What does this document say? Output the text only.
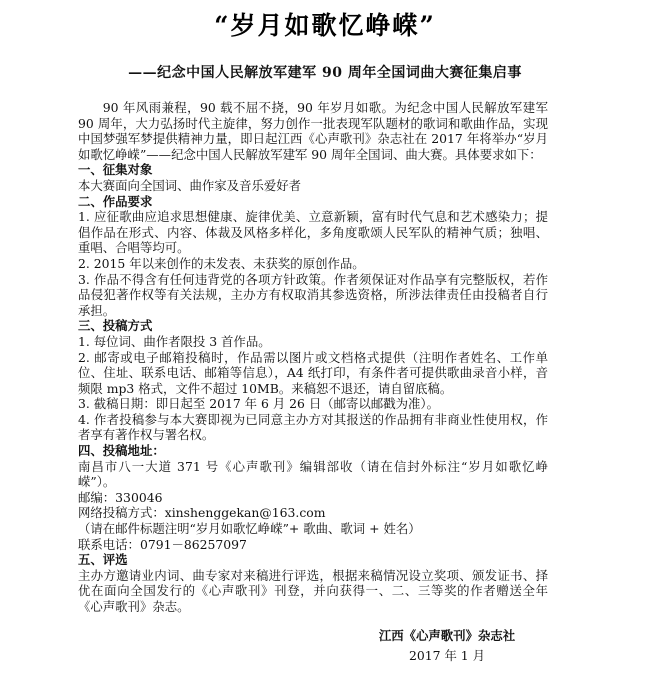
“岁月如歌忆峥嵘”
——纪念中国人民解放军建军 90 周年全国词曲大赛征集启事

90 年风雨兼程，90 载不屈不挠，90 年岁月如歌。为纪念中国人民解放军建军 90 周年，大力弘扬时代主旋律，努力创作一批表现军队题材的歌词和歌曲作品，实现中国梦强军梦提供精神力量，即日起江西《心声歌刊》杂志社在 2017 年将举办“岁月如歌忆峥嵘”——纪念中国人民解放军建军 90 周年全国词、曲大赛。具体要求如下：

一、征集对象

本大赛面向全国词、曲作家及音乐爱好者

二、作品要求

1. 应征歌曲应追求思想健康、旋律优美、立意新颖，富有时代气息和艺术感染力；提倡作品在形式、内容、体裁及风格多样化，多角度歌颂人民军队的精神气质；独唱、重唱、合唱等均可。

2. 2015 年以来创作的未发表、未获奖的原创作品。

3. 作品不得含有任何违背党的各项方针政策。作者须保证对作品享有完整版权，若作品侵犯著作权等有关法规，主办方有权取消其参选资格，所涉法律责任由投稿者自行承担。

三、投稿方式

1. 每位词、曲作者限投 3 首作品。

2. 邮寄或电子邮箱投稿时，作品需以图片或文档格式提供（注明作者姓名、工作单位、住址、联系电话、邮箱等信息），A4 纸打印，有条件者可提供歌曲录音小样，音频限 mp3 格式，文件不超过 10MB。来稿恕不退还，请自留底稿。

3. 截稿日期：即日起至 2017 年 6 月 26 日（邮寄以邮戳为准）。

4. 作者投稿参与本大赛即视为已同意主办方对其报送的作品拥有非商业性使用权，作者享有著作权与署名权。

四、投稿地址：

南昌市八一大道 371 号《心声歌刊》编辑部收（请在信封外标注“岁月如歌忆峥嵘”）。

邮编：330046

网络投稿方式：xinshenggekan@163.com

（请在邮件标题注明“岁月如歌忆峥嵘”+ 歌曲、歌词 + 姓名）

联系电话：0791－86257097

五、评选

主办方邀请业内词、曲专家对来稿进行评选，根据来稿情况设立奖项、颁发证书、择优在面向全国发行的《心声歌刊》刊登，并向获得一、二、三等奖的作者赠送全年《心声歌刊》杂志。

江西《心声歌刊》杂志社
2017 年 1 月
